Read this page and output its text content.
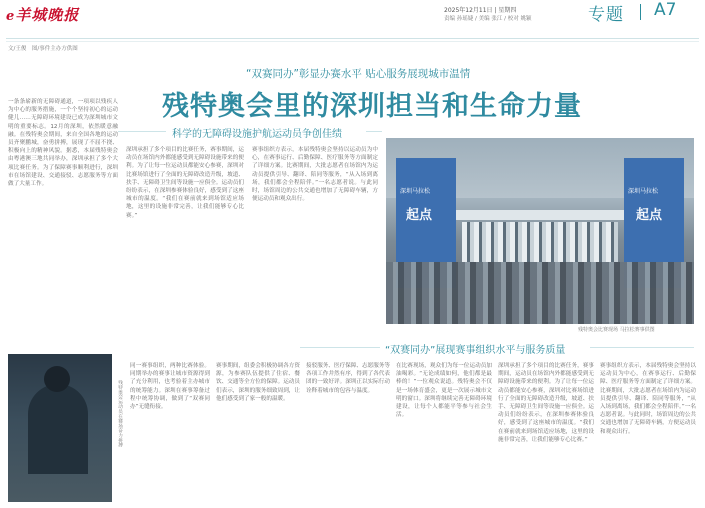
e羊城晚报	2025年12月11日 | 星期四
责编 孙瑶婕 / 美编 张江 / 校对 姚颖	专题 A7
文/王俊　图/事件主办方供图
“双赛同办”彰显办赛水平 贴心服务展现城市温情
残特奥会里的深圳担当和生命力量
科学的无障碍设施护航运动员争创佳绩
一条条崭新的无障碍通道，一项项以残疾人为中心的服务措施，一个个坚持初心的运动健儿……无障碍环境建设已成为深圳城市文明的重要标志。12月的深圳，依然暖意融融。在残特奥会期间，来自全国各地的运动员齐聚鹏城，奋勇拼搏，展现了不屈不挠、积极向上的精神风貌。据悉，本届残特奥会由粤港澳三地共同举办，深圳承担了多个大项比赛任务。为了保障赛事顺利进行，深圳市在场馆建设、交通接驳、志愿服务等方面做了大量工作。
深圳承担了多个项目的比赛任务，赛事期间，运动员在场馆内外都能感受到无障碍设施带来的便利。为了让每一位运动员都能安心参赛，深圳对比赛场馆进行了全面的无障碍改造升级，坡道、扶手、无障碍卫生间等设施一应俱全。运动员们纷纷表示，在深圳参赛体验良好，感受到了这座城市的温度。“我们在赛前就来到场馆适应场地，这里的设施非常完善，让我们能够专心比赛。”
赛事组织方表示，本届残特奥会坚持以运动员为中心，在赛事运行、后勤保障、医疗服务等方面制定了详细方案。比赛期间，大批志愿者在场馆内为运动员提供引导、翻译、陪同等服务，“从入场到离场，我们都会全程陪伴。”一名志愿者说。与此同时，场馆周边的公共交通也增加了无障碍车辆，方便运动员和观众出行。
深圳马拉松	深圳马拉松
起点	起点
残特奥会比赛现场 马拉松赛事供图
“双赛同办”展现赛事组织水平与服务质量
残特奥会运动员在赛场奋力拼搏
同一赛事组织，两种比赛体验。同期举办的赛事让城市资源得到了充分利用，也考验着主办城市的统筹能力。深圳在赛事筹备过程中统筹协调，做到了“双赛同办”无缝衔接。
赛事期间，组委会积极协调各方资源，为参赛队伍提供了住宿、餐饮、交通等全方位的保障。运动员们表示，深圳的服务细致周到，让他们感受到了家一般的温暖。
接驳服务、医疗保障、志愿服务等各项工作井然有序，得到了各代表团的一致好评。深圳正以实际行动诠释着城市的包容与温度。
在比赛现场，观众们为每一位运动员加油喝彩。“无论成绩如何，他们都是最棒的！”一位观众说道。残特奥会不仅是一场体育盛会，更是一次展示城市文明的窗口。深圳将继续完善无障碍环境建设，让每个人都能平等参与社会生活。
深圳承担了多个项目的比赛任务，赛事期间，运动员在场馆内外都能感受到无障碍设施带来的便利。为了让每一位运动员都能安心参赛，深圳对比赛场馆进行了全面的无障碍改造升级，坡道、扶手、无障碍卫生间等设施一应俱全。运动员们纷纷表示，在深圳参赛体验良好，感受到了这座城市的温度。“我们在赛前就来到场馆适应场地，这里的设施非常完善，让我们能够专心比赛。”
赛事组织方表示，本届残特奥会坚持以运动员为中心，在赛事运行、后勤保障、医疗服务等方面制定了详细方案。比赛期间，大批志愿者在场馆内为运动员提供引导、翻译、陪同等服务，“从入场到离场，我们都会全程陪伴。”一名志愿者说。与此同时，场馆周边的公共交通也增加了无障碍车辆，方便运动员和观众出行。
